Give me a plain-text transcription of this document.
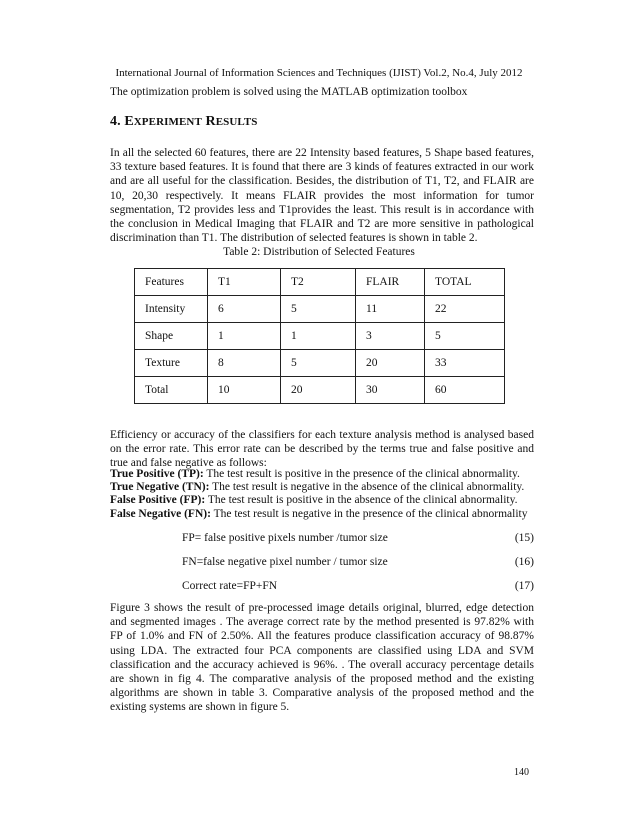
International Journal of Information Sciences and Techniques (IJIST) Vol.2, No.4, July 2012
The optimization problem is solved using the MATLAB optimization toolbox
4. EXPERIMENT RESULTS

In all the selected 60 features, there are 22 Intensity based features, 5 Shape based features, 33 texture based features. It is found that there are 3 kinds of features extracted in our work and are all useful for the classification. Besides, the distribution of T1, T2, and FLAIR are 10, 20,30 respectively. It means FLAIR provides the most information for tumor segmentation, T2 provides less and T1provides the least. This result is in accordance with the conclusion in Medical Imaging that FLAIR and T2 are more sensitive in pathological discrimination than T1. The distribution of selected features is shown in table 2.

Table 2: Distribution of Selected Features
Features	T1	T2	FLAIR	TOTAL
Intensity	6	5	11	22
Shape	1	1	3	5
Texture	8	5	20	33
Total	10	20	30	60

Efficiency or accuracy of the classifiers for each texture analysis method is analysed based on the error rate. This error rate can be described by the terms true and false positive and true and false negative as follows:

True Positive (TP): The test result is positive in the presence of the clinical abnormality.
True Negative (TN): The test result is negative in the absence of the clinical abnormality.
False Positive (FP): The test result is positive in the absence of the clinical abnormality.
False Negative (FN): The test result is negative in the presence of the clinical abnormality
FP= false positive pixels number /tumor size	(15)
FN=false negative pixel number / tumor size	(16)
Correct rate=FP+FN	(17)

Figure 3 shows the result of pre-processed image details original, blurred, edge detection and segmented images . The average correct rate by the method presented is 97.82% with FP of 1.0% and FN of 2.50%. All the features produce classification accuracy of 98.87% using LDA. The extracted four PCA components are classified using LDA and SVM classification and the accuracy achieved is 96%. . The overall accuracy percentage details are shown in fig 4. The comparative analysis of the proposed method and the existing algorithms are shown in table 3. Comparative analysis of the proposed method and the existing systems are shown in figure 5.

140
